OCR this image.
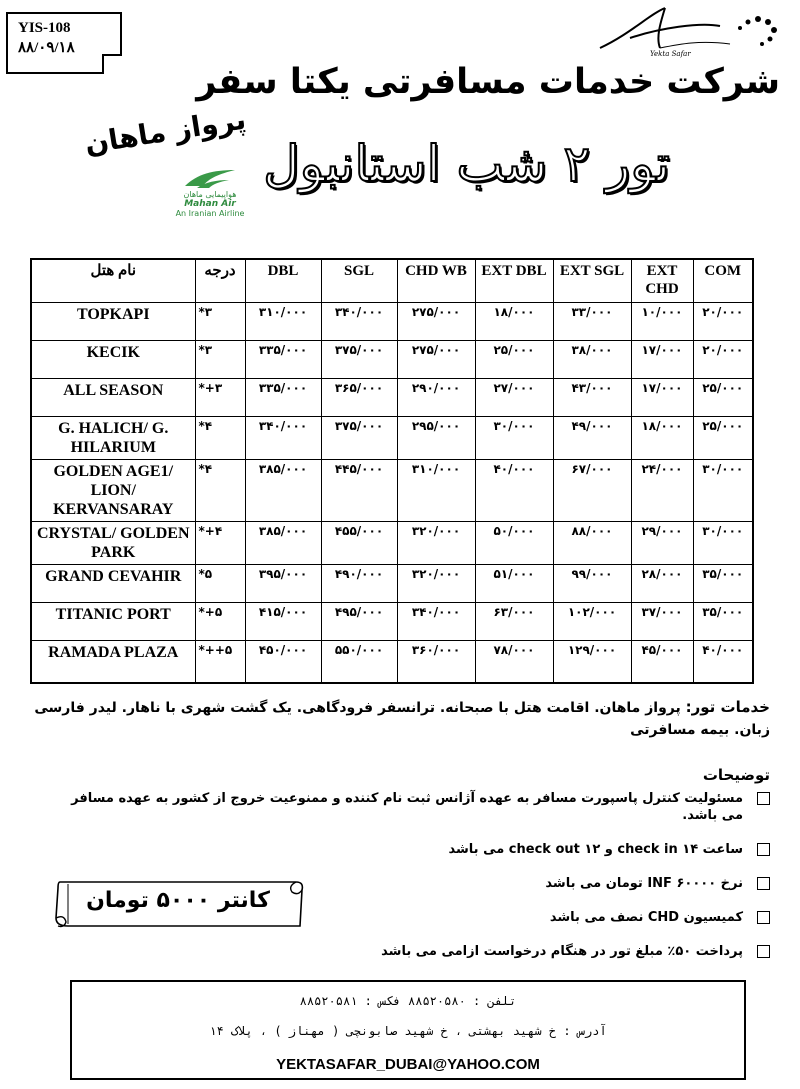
YIS-108
۸۸/۰۹/۱۸	Yekta Safar
شرکت خدمات مسافرتی یکتا سفر
تور ۲ شب استانبول
پرواز ماهان
هواپیمایی ماهان
Mahan Air
An Iranian Airline
نام هتل	درجه	DBL	SGL	CHD WB	EXT DBL	EXT SGL	EXT CHD	COM
TOPKAPI	*۳	۳۱۰/۰۰۰	۳۴۰/۰۰۰	۲۷۵/۰۰۰	۱۸/۰۰۰	۳۳/۰۰۰	۱۰/۰۰۰	۲۰/۰۰۰
KECIK	*۳	۳۳۵/۰۰۰	۳۷۵/۰۰۰	۲۷۵/۰۰۰	۲۵/۰۰۰	۳۸/۰۰۰	۱۷/۰۰۰	۲۰/۰۰۰
ALL SEASON	*+۳	۳۳۵/۰۰۰	۳۶۵/۰۰۰	۲۹۰/۰۰۰	۲۷/۰۰۰	۴۳/۰۰۰	۱۷/۰۰۰	۲۵/۰۰۰
G. HALICH/ G. HILARIUM	*۴	۳۴۰/۰۰۰	۳۷۵/۰۰۰	۲۹۵/۰۰۰	۳۰/۰۰۰	۴۹/۰۰۰	۱۸/۰۰۰	۲۵/۰۰۰
GOLDEN AGE1/ LION/ KERVANSARAY	*۴	۳۸۵/۰۰۰	۴۴۵/۰۰۰	۳۱۰/۰۰۰	۴۰/۰۰۰	۶۷/۰۰۰	۲۴/۰۰۰	۳۰/۰۰۰
CRYSTAL/ GOLDEN PARK	*+۴	۳۸۵/۰۰۰	۴۵۵/۰۰۰	۳۲۰/۰۰۰	۵۰/۰۰۰	۸۸/۰۰۰	۲۹/۰۰۰	۳۰/۰۰۰
GRAND CEVAHIR	*۵	۳۹۵/۰۰۰	۴۹۰/۰۰۰	۳۲۰/۰۰۰	۵۱/۰۰۰	۹۹/۰۰۰	۲۸/۰۰۰	۳۵/۰۰۰
TITANIC PORT	*+۵	۴۱۵/۰۰۰	۴۹۵/۰۰۰	۳۴۰/۰۰۰	۶۳/۰۰۰	۱۰۲/۰۰۰	۳۷/۰۰۰	۳۵/۰۰۰
RAMADA PLAZA	*++۵	۴۵۰/۰۰۰	۵۵۰/۰۰۰	۳۶۰/۰۰۰	۷۸/۰۰۰	۱۲۹/۰۰۰	۴۵/۰۰۰	۴۰/۰۰۰
خدمات تور: پرواز ماهان. اقامت هتل با صبحانه. ترانسفر فرودگاهی. یک گشت شهری با ناهار. لیدر فارسی زبان. بیمه مسافرتی
توضیحات
مسئولیت کنترل پاسپورت مسافر به عهده آژانس ثبت نام کننده و ممنوعیت خروج از کشور به عهده مسافر می باشد.
ساعت check in ۱۴ و check out ۱۲ می باشد
نرخ INF ۶۰۰۰۰ تومان می باشد
کمیسیون CHD نصف می باشد
پرداخت ۵۰٪ مبلغ تور در هنگام درخواست ازامی می باشد
کانتر ۵۰۰۰ تومان
تلفن : ۸۸۵۲۰۵۸۰ فکس : ۸۸۵۲۰۵۸۱
آدرس : خ شهید بهشتی ، خ شهید صابونچی ( مهناز ) ، پلاک ۱۴
YEKTASAFAR_DUBAI@YAHOO.COM
